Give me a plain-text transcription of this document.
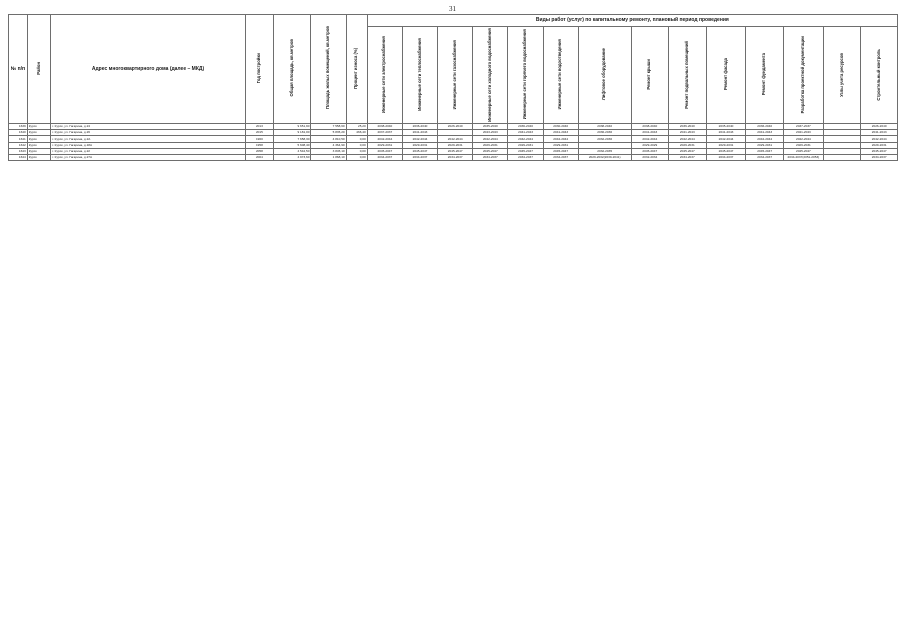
31
№ п/п	Район	Адрес многоквартирного дома (далее – МКД)	Год постройки	Общая площадь, кв.метров	Площадь жилых помещений, кв.метров	Процент износа (%)	Виды работ (услуг) по капитальному ремонту, плановый период проведения													
							Инженерные сети электроснабжения	Инженерные сети теплоснабжения	Инженерные сети газоснабжения	Инженерные сети холодного водоснабжения	Инженерные сети горячего водоснабжения	Инженерные сети водоотведения	Лифтовое оборудование	Ремонт крыши	Ремонт подвальных помещений	Ремонт фасада	Ремонт фундамента	Разработка проектной документации	Узлы учета ресурсов	Строительный контроль
1639	Курск	г. Курск, ул. Гагарина, д.24	2013	9 651,90	7 558,60	25,20	2038-2040	2036-2040	2026-2040	2035-2040	2036-2040	2030-2040	2038-2040	2038-2040	2036-2040	2035-2040	2036-2040	2037-2037		2026-2040
1640	Курск	г. Курск, ул. Гагарина, д.26	2015	9 181,00	5 835,20	466,40	2037-2037	2041-2043		2043-2043	2041-2043	2041-2043	2036-2036	2041-2043	2041-2043	2041-2043	2041-2043	2041-2043		2041-2043
1641	Курск	г. Курск, ул. Гагарина, д.2А	1960	7 658,30	4 810,50	0,00	2042-2044	2042-2044	2042-2044	2042-2044	2042-2044	2042-2044	2032-2036	2042-2044	2042-2044	2042-2044	2042-2044	2042-2044		2042-2044
1642	Курск	г. Курск, ул. Гагарина, д.18А	1958	5 608,40	4 364,90	0,00	2029-2031	2029-2031	2029-2031	2029-2031	2029-2031	2029-2031		2029-2029	2029-2031	2029-2031	2029-2031	2029-2031		2029-2031
1643	Курск	г. Курск, ул. Гагарина, д.22	2058	4 542,50	3 845,10	0,00	2045-2047	2045-2047	2045-2047	2045-2047	2045-2047	2045-2047	2032-2035	2045-2047	2045-2047	2045-2047	2045-2047	2045-2047		2045-2047
1644	Курск	г. Курск, ул. Гагарина, д.27А	2004	4 973,60	1 868,10	0,00	2034-2037	2034-2037	2034-2037	2034-2037	2034-2037	2034-2037	2029-2032(2039-2041)	2032-2034	2034-2037	2034-2037	2034-2037	2034-2037(2051-2053)		2034-2037
